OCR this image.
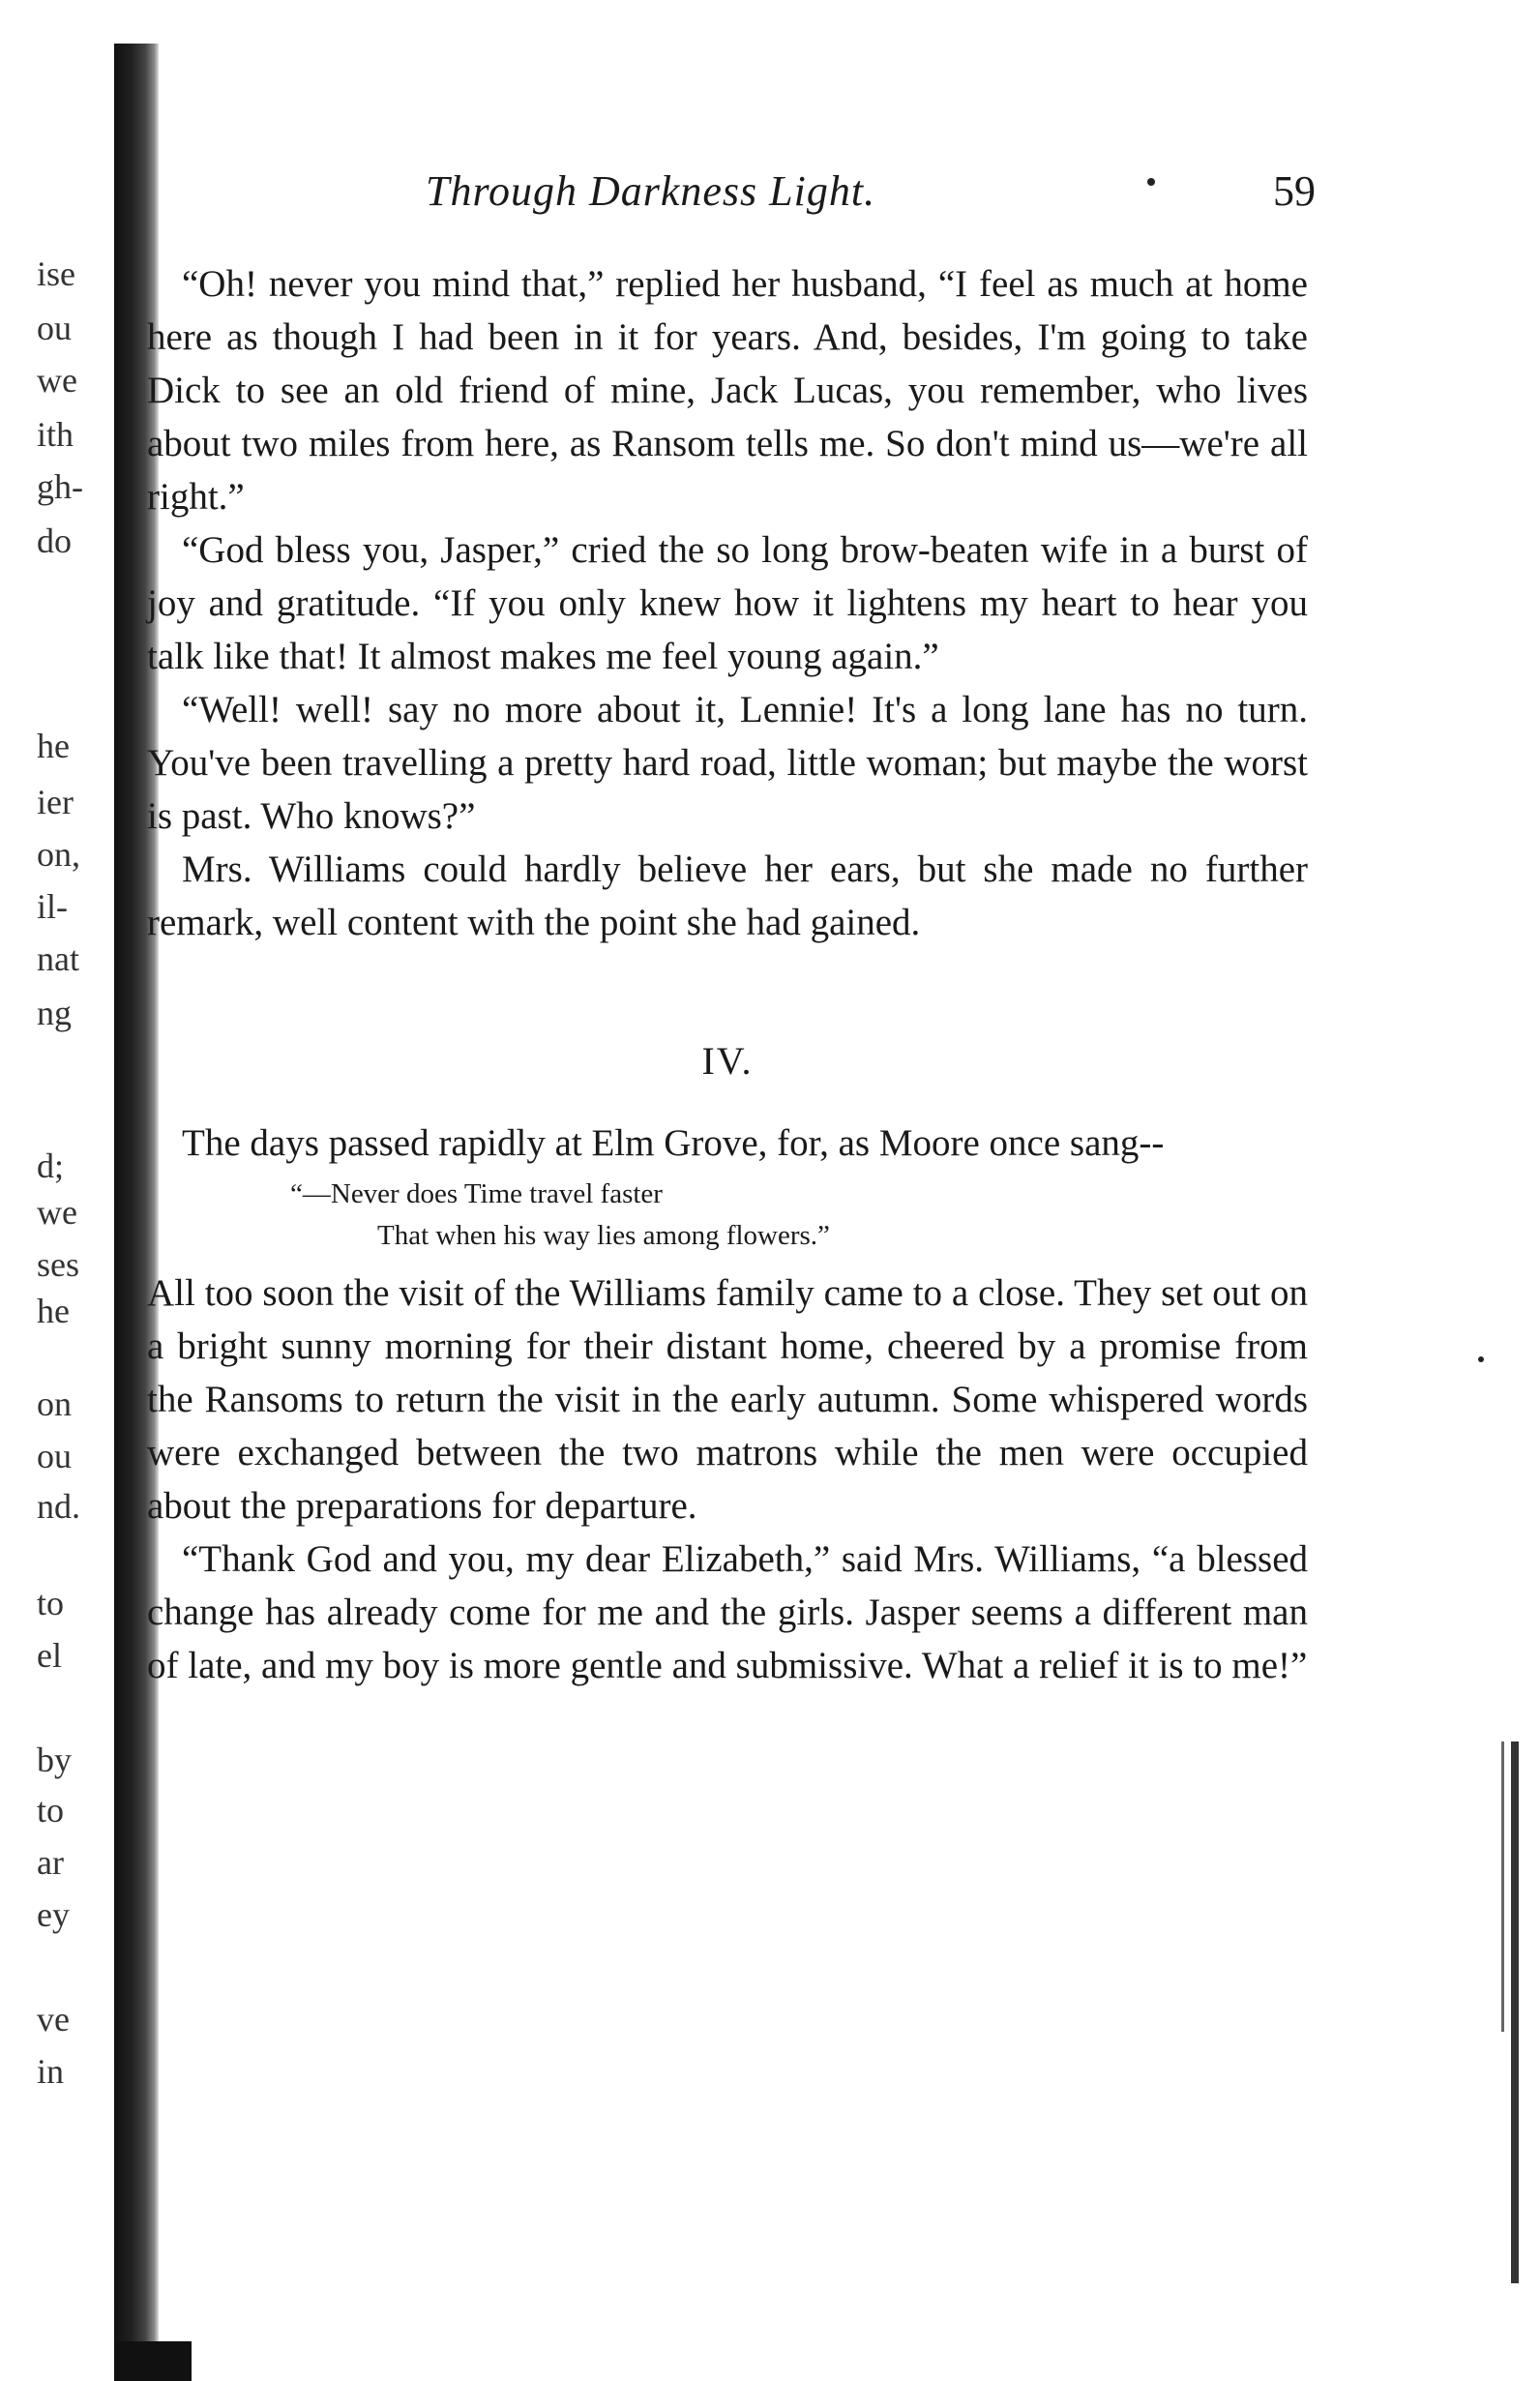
ise
ou
we
ith
gh-
do
he
ier
on,
il-
nat
ng
d;
we
ses
he
on
ou
nd.
to
el
by
to
ar
ey
ve
in
Through Darkness Light.	59

“Oh! never you mind that,” replied her husband, “I feel as much at home here as though I had been in it for years. And, besides, I'm going to take Dick to see an old friend of mine, Jack Lucas, you remember, who lives about two miles from here, as Ransom tells me. So don't mind us—we're all right.”

“God bless you, Jasper,” cried the so long brow-beaten wife in a burst of joy and gratitude. “If you only knew how it lightens my heart to hear you talk like that! It almost makes me feel young again.”

“Well! well! say no more about it, Lennie! It's a long lane has no turn. You've been travelling a pretty hard road, little woman; but maybe the worst is past. Who knows?”

Mrs. Williams could hardly believe her ears, but she made no further remark, well content with the point she had gained.

IV.

The days passed rapidly at Elm Grove, for, as Moore once sang--

“—Never does Time travel faster
That when his way lies among flowers.”

All too soon the visit of the Williams family came to a close. They set out on a bright sunny morning for their distant home, cheered by a promise from the Ransoms to return the visit in the early autumn. Some whispered words were exchanged between the two matrons while the men were occupied about the preparations for departure.

“Thank God and you, my dear Elizabeth,” said Mrs. Williams, “a blessed change has already come for me and the girls. Jasper seems a different man of late, and my boy is more gentle and submissive. What a relief it is to me!”
